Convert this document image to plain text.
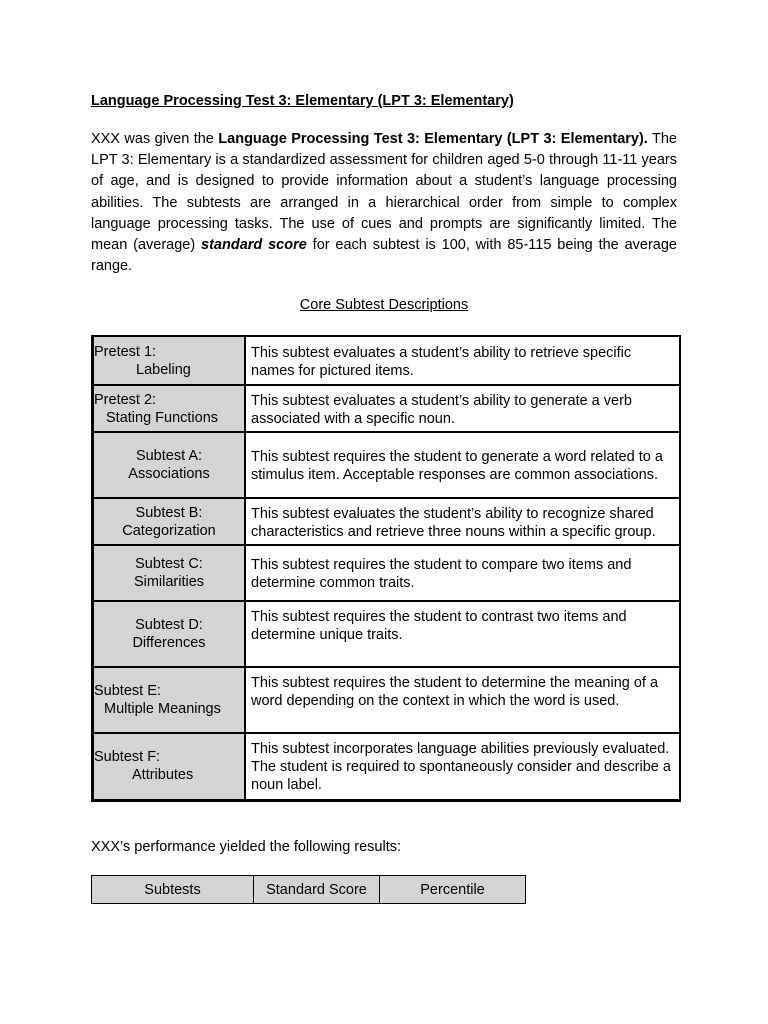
Language Processing Test 3: Elementary (LPT 3: Elementary)

XXX was given the Language Processing Test 3: Elementary (LPT 3: Elementary). The LPT 3: Elementary is a standardized assessment for children aged 5-0 through 11-11 years of age, and is designed to provide information about a student’s language processing abilities. The subtests are arranged in a hierarchical order from simple to complex language processing tasks. The use of cues and prompts are significantly limited. The mean (average) standard score for each subtest is 100, with 85-115 being the average range.

Core Subtest Descriptions
Pretest 1:
Labeling	This subtest evaluates a student’s ability to retrieve specific names for pictured items.
Pretest 2:
Stating Functions	This subtest evaluates a student’s ability to generate a verb associated with a specific noun.

Subtest A:
Associations	This subtest requires the student to generate a word related to a stimulus item. Acceptable responses are common associations.

Subtest B:
Categorization	This subtest evaluates the student’s ability to recognize shared characteristics and retrieve three nouns within a specific group.

Subtest C:
Similarities	This subtest requires the student to compare two items and determine common traits.

Subtest D:
Differences	This subtest requires the student to contrast two items and determine unique traits.
Subtest E:
Multiple Meanings	This subtest requires the student to determine the meaning of a word depending on the context in which the word is used.
Subtest F:
Attributes	This subtest incorporates language abilities previously evaluated. The student is required to spontaneously consider and describe a noun label.
XXX’s performance yielded the following results:
Subtests	Standard Score	Percentile
